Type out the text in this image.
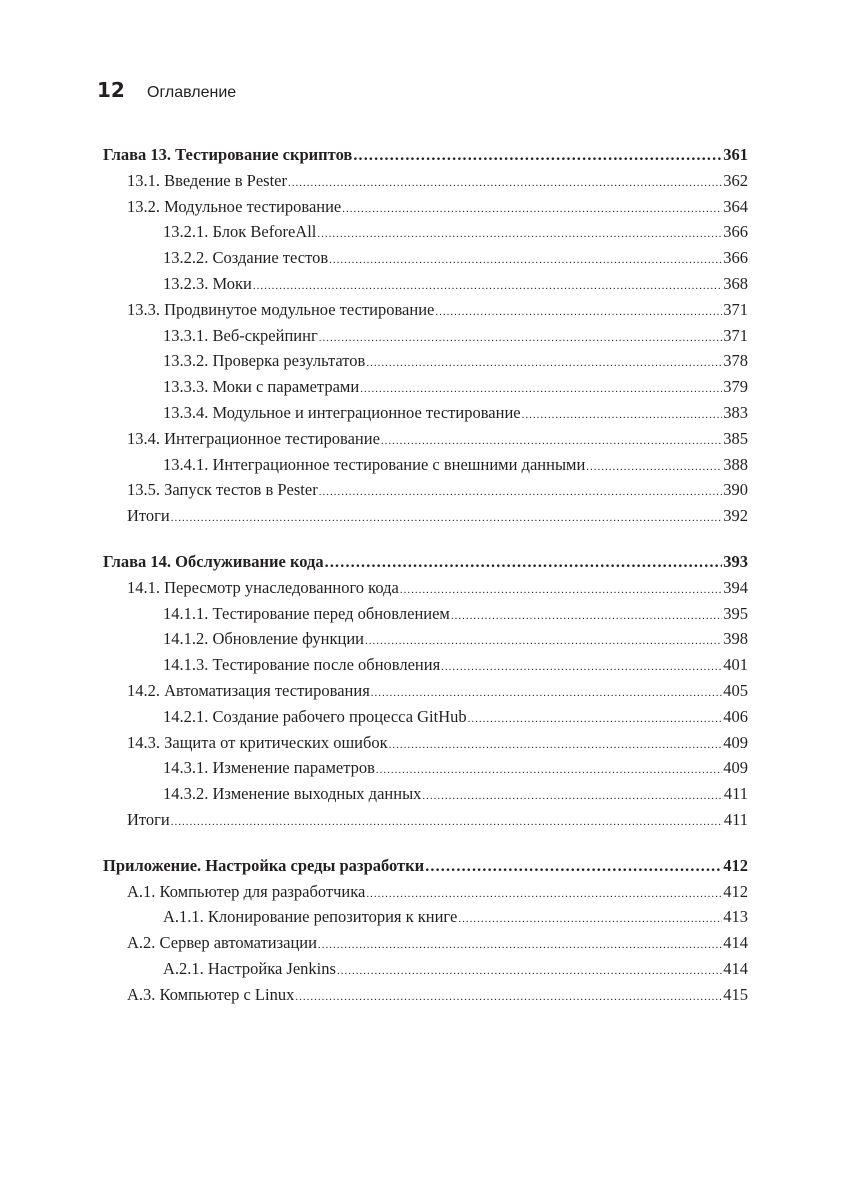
12	Оглавление
Глава 13. Тестирование скриптов .....	361
13.1. Введение в Pester .....	362
13.2. Модульное тестирование .....	364
13.2.1. Блок BeforeAll .....	366
13.2.2. Создание тестов .....	366
13.2.3. Моки .....	368
13.3. Продвинутое модульное тестирование .....	371
13.3.1. Веб-скрейпинг .....	371
13.3.2. Проверка результатов .....	378
13.3.3. Моки с параметрами .....	379
13.3.4. Модульное и интеграционное тестирование .....	383
13.4. Интеграционное тестирование .....	385
13.4.1. Интеграционное тестирование с внешними данными .....	388
13.5. Запуск тестов в Pester .....	390
Итоги .....	392
Глава 14. Обслуживание кода .....	393
14.1. Пересмотр унаследованного кода .....	394
14.1.1. Тестирование перед обновлением .....	395
14.1.2. Обновление функции .....	398
14.1.3. Тестирование после обновления .....	401
14.2. Автоматизация тестирования .....	405
14.2.1. Создание рабочего процесса GitHub .....	406
14.3. Защита от критических ошибок .....	409
14.3.1. Изменение параметров .....	409
14.3.2. Изменение выходных данных .....	411
Итоги .....	411
Приложение. Настройка среды разработки .....	412
A.1. Компьютер для разработчика .....	412
A.1.1. Клонирование репозитория к книге .....	413
A.2. Сервер автоматизации .....	414
A.2.1. Настройка Jenkins .....	414
A.3. Компьютер с Linux .....	415
